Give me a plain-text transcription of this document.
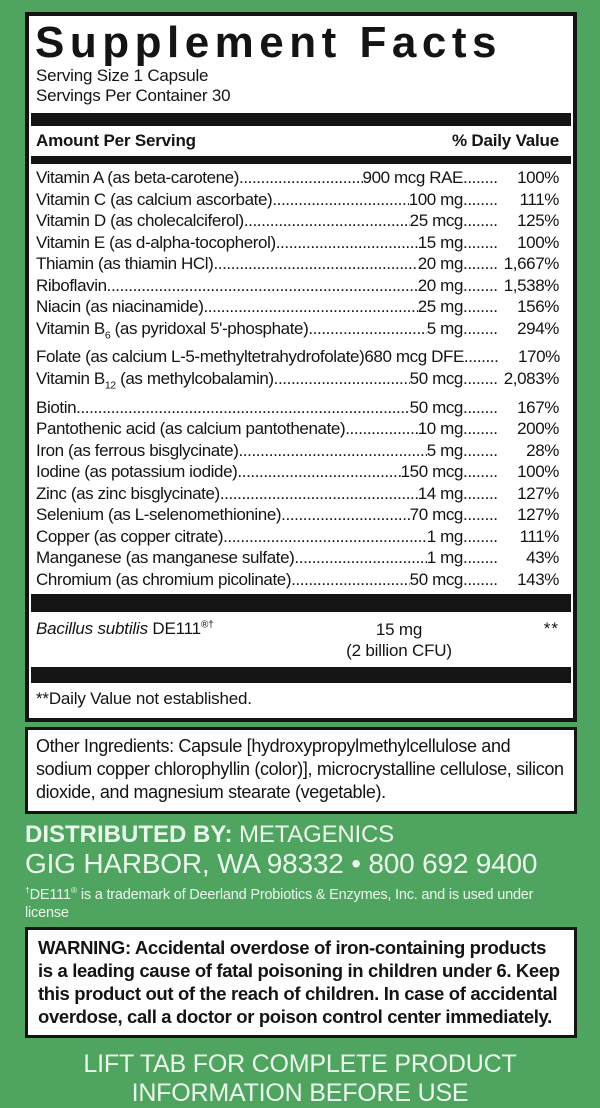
Supplement Facts
Serving Size 1 Capsule
Servings Per Container 30
Amount Per Serving	% Daily Value
Vitamin A (as beta-carotene) .....	900 mcg RAE .....	100%
Vitamin C (as calcium ascorbate) .....	100 mg .....	111%
Vitamin D (as cholecalciferol) .....	25 mcg .....	125%
Vitamin E (as d-alpha-tocopherol) .....	15 mg .....	100%
Thiamin (as thiamin HCl) .....	20 mg .....	1,667%
Riboflavin .....	20 mg .....	1,538%
Niacin (as niacinamide) .....	25 mg .....	156%
Vitamin $B_6$ (as pyridoxal 5'-phosphate) .....	5 mg .....	294%
Folate (as calcium L-5-methyltetrahydrofolate) 680 mcg DFE .....	170%
Vitamin $B_{12}$ (as methylcobalamin) .....	50 mcg .....	2,083%
Biotin .....	50 mcg .....	167%
Pantothenic acid (as calcium pantothenate) .....	10 mg .....	200%
Iron (as ferrous bisglycinate) .....	5 mg .....	28%
Iodine (as potassium iodide) .....	150 mcg .....	100%
Zinc (as zinc bisglycinate) .....	14 mg .....	127%
Selenium (as L-selenomethionine) .....	70 mcg .....	127%
Copper (as copper citrate) .....	1 mg .....	111%
Manganese (as manganese sulfate) .....	1 mg .....	43%
Chromium (as chromium picolinate) .....	50 mcg .....	143%
Bacillus subtilis DE111®†	15 mg
(2 billion CFU)
**
**Daily Value not established.
Other Ingredients: Capsule [hydroxypropylmethylcellulose and sodium copper chlorophyllin (color)], microcrystalline cellulose, silicon dioxide, and magnesium stearate (vegetable).
DISTRIBUTED BY: METAGENICS
GIG HARBOR, WA 98332 • 800 692 9400
†DE111® is a trademark of Deerland Probiotics & Enzymes, Inc. and is used under license
WARNING: Accidental overdose of iron-containing products is a leading cause of fatal poisoning in children under 6. Keep this product out of the reach of children. In case of accidental overdose, call a doctor or poison control center immediately.
LIFT TAB FOR COMPLETE PRODUCT
INFORMATION BEFORE USE
